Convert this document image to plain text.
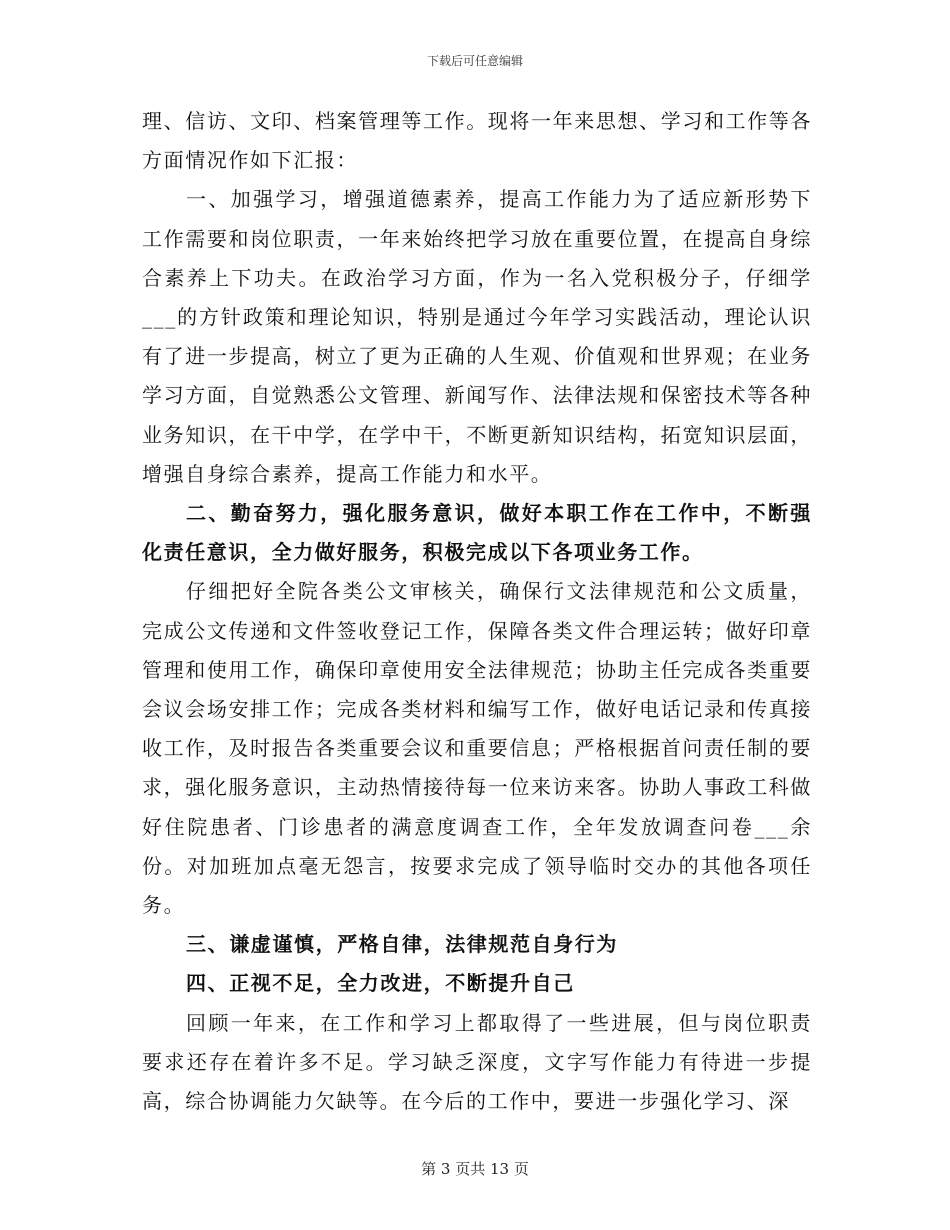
下载后可任意编辑

理、信访、文印、档案管理等工作。现将一年来思想、学习和工作等各方面情况作如下汇报：

一、加强学习，增强道德素养，提高工作能力为了适应新形势下工作需要和岗位职责，一年来始终把学习放在重要位置，在提高自身综合素养上下功夫。在政治学习方面，作为一名入党积极分子，仔细学___的方针政策和理论知识，特别是通过今年学习实践活动，理论认识有了进一步提高，树立了更为正确的人生观、价值观和世界观；在业务学习方面，自觉熟悉公文管理、新闻写作、法律法规和保密技术等各种业务知识，在干中学，在学中干，不断更新知识结构，拓宽知识层面，增强自身综合素养，提高工作能力和水平。

二、勤奋努力，强化服务意识，做好本职工作在工作中，不断强化责任意识，全力做好服务，积极完成以下各项业务工作。

仔细把好全院各类公文审核关，确保行文法律规范和公文质量，完成公文传递和文件签收登记工作，保障各类文件合理运转；做好印章管理和使用工作，确保印章使用安全法律规范；协助主任完成各类重要会议会场安排工作；完成各类材料和编写工作，做好电话记录和传真接收工作，及时报告各类重要会议和重要信息；严格根据首问责任制的要求，强化服务意识，主动热情接待每一位来访来客。协助人事政工科做好住院患者、门诊患者的满意度调查工作，全年发放调查问卷___余份。对加班加点毫无怨言，按要求完成了领导临时交办的其他各项任务。

三、谦虚谨慎，严格自律，法律规范自身行为

四、正视不足，全力改进，不断提升自己

回顾一年来，在工作和学习上都取得了一些进展，但与岗位职责要求还存在着许多不足。学习缺乏深度，文字写作能力有待进一步提高，综合协调能力欠缺等。在今后的工作中，要进一步强化学习、深

第 3 页共 13 页
